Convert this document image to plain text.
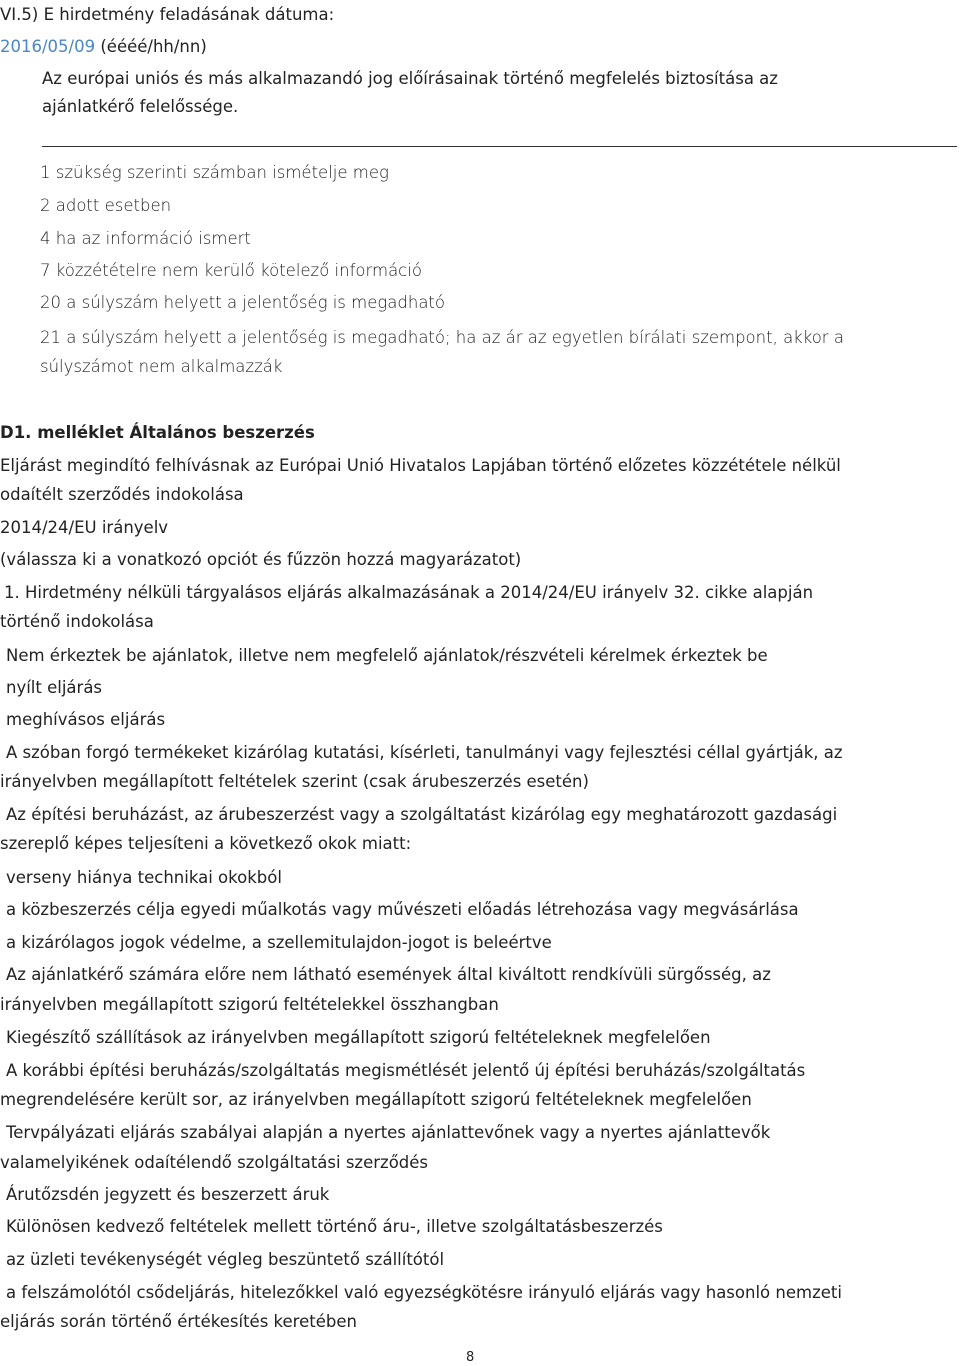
VI.5) E hirdetmény feladásának dátuma:

2016/05/09 (éééé/hh/nn)

Az európai uniós és más alkalmazandó jog előírásainak történő megfelelés biztosítása az

ajánlatkérő felelőssége.

1 szükség szerinti számban ismételje meg

2 adott esetben

4 ha az információ ismert

7 közzétételre nem kerülő kötelező információ

20 a súlyszám helyett a jelentőség is megadható

21 a súlyszám helyett a jelentőség is megadható; ha az ár az egyetlen bírálati szempont, akkor a

súlyszámot nem alkalmazzák

D1. melléklet Általános beszerzés

Eljárást megindító felhívásnak az Európai Unió Hivatalos Lapjában történő előzetes közzététele nélkül

odaítélt szerződés indokolása

2014/24/EU irányelv

(válassza ki a vonatkozó opciót és fűzzön hozzá magyarázatot)

1. Hirdetmény nélküli tárgyalásos eljárás alkalmazásának a 2014/24/EU irányelv 32. cikke alapján

történő indokolása

Nem érkeztek be ajánlatok, illetve nem megfelelő ajánlatok/részvételi kérelmek érkeztek be

nyílt eljárás

meghívásos eljárás

A szóban forgó termékeket kizárólag kutatási, kísérleti, tanulmányi vagy fejlesztési céllal gyártják, az

irányelvben megállapított feltételek szerint (csak árubeszerzés esetén)

Az építési beruházást, az árubeszerzést vagy a szolgáltatást kizárólag egy meghatározott gazdasági

szereplő képes teljesíteni a következő okok miatt:

verseny hiánya technikai okokból

a közbeszerzés célja egyedi műalkotás vagy művészeti előadás létrehozása vagy megvásárlása

a kizárólagos jogok védelme, a szellemitulajdon-jogot is beleértve

Az ajánlatkérő számára előre nem látható események által kiváltott rendkívüli sürgősség, az

irányelvben megállapított szigorú feltételekkel összhangban

Kiegészítő szállítások az irányelvben megállapított szigorú feltételeknek megfelelően

A korábbi építési beruházás/szolgáltatás megismétlését jelentő új építési beruházás/szolgáltatás

megrendelésére került sor, az irányelvben megállapított szigorú feltételeknek megfelelően

Tervpályázati eljárás szabályai alapján a nyertes ajánlattevőnek vagy a nyertes ajánlattevők

valamelyikének odaítélendő szolgáltatási szerződés

Árutőzsdén jegyzett és beszerzett áruk

Különösen kedvező feltételek mellett történő áru-, illetve szolgáltatásbeszerzés

az üzleti tevékenységét végleg beszüntető szállítótól

a felszámolótól csődeljárás, hitelezőkkel való egyezségkötésre irányuló eljárás vagy hasonló nemzeti

eljárás során történő értékesítés keretében

8
